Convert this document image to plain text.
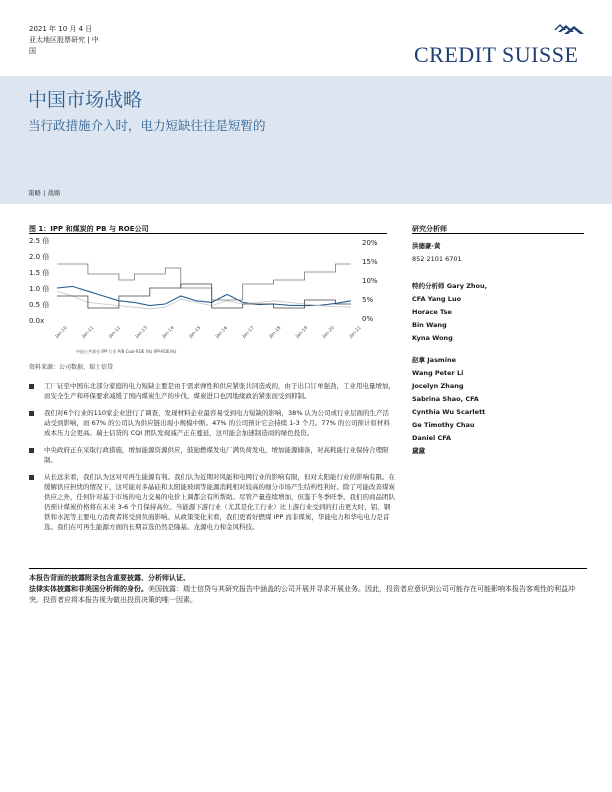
2021 年 10 月 4 日
亚太地区股票研究 | 中
国	CREDIT SUISSE
中国市场战略
当行政措施介入时，电力短缺往往是短暂的
策略 | 战略
图 1：IPP 和煤炭的 PB 与 ROE公司
2.5 倍
2.0 倍
1.5 倍
1.0 倍
0.5 倍
0.0x
20%
15%
10%
5%
0%
Jan-10	Jan-11	Jan-12	Jan-13	Jan-14	Jan-15	Jan-16	Jan-17	Jan-18	Jan-19	Jan-20	Jan-21
中国公共事业 IPP 行业 P/B Coal-ROE (%) IPP-ROE(%)
资料来源：公司数据、瑞士信贷
研究分析师
洪德豪·黄
852 2101 6701
特约分析师 Gary Zhou,
CFA Yang Luo
Horace Tse
Bin Wang
Kyna Wong
赵拿 Jasmine
Wang Peter Li
Jocelyn Zhang
Sabrina Shao, CFA
Cynthia Wu Scarlett
Ge Timothy Chau
Daniel CFA
黛黛
工厂证至中国东北部分家庭的电力短缺主要是由于需求弹性和供应紧张共同造成的，由于出口订单强劲，工业用电量增加，而安全生产和环保要求减缓了国内煤炭生产的步伐，煤炭进口也因地缘政治紧张而受到抑制。
我们对6个行业的110家企业进行了调查，发现材料企业最容易受到电力短缺的影响，38% 认为公司或行业层面的生产活动受到影响，而 67% 的公司认为供应链出现小规模中断。47% 的公司预计它会持续 1-3 个月。77% 的公司预计原材料成本压力会更高。瑞士信贷的 CQI 团队发现减产正在蔓延，这可能会加速制造商的绿色投资。
中央政府正在采取行政措施，增加能源资源供应，鼓励燃煤发电厂满负荷发电，增加能源储备，对高耗能行业保持合理限制。
从长远来看，我们认为这对可再生能源有利。我们认为近期对风能和电网行业的影响有限，但对太阳能行业的影响有限。在缓解供应担忧的情况下，这可能对多晶硅和太阳能玻璃等能源消耗相对较高的细分市场产生结构性利好。除了可能改善煤炭供应之外，任何针对基于市场的电力交易的电价上调都会有所帮助。尽管产量连续增加，但鉴于冬季旺季，我们的商品团队仍预计煤炭价格将在未来 3-6 个月保持高位。当能源下游行业（尤其是化工行业）比上游行业受到的打击更大时，铝、钢铁和水泥等主要电力消费者将受到负面影响。从政策变化来看，我们更看好燃煤 IPP 而非煤炭，华能电力和华电电力是首选。我们在可再生能源方面的长期首选仍然是隆基、龙源电力和金风科技。
本报告背面的披露附录包含重要披露、分析师认证、
法律实体披露和非美国分析师的身份。美国披露：瑞士信贷与其研究报告中涵盖的公司开展并寻求开展业务。因此，投资者应意识到公司可能存在可能影响本报告客观性的利益冲突。投资者应将本报告视为做出投资决策的唯一因素。
